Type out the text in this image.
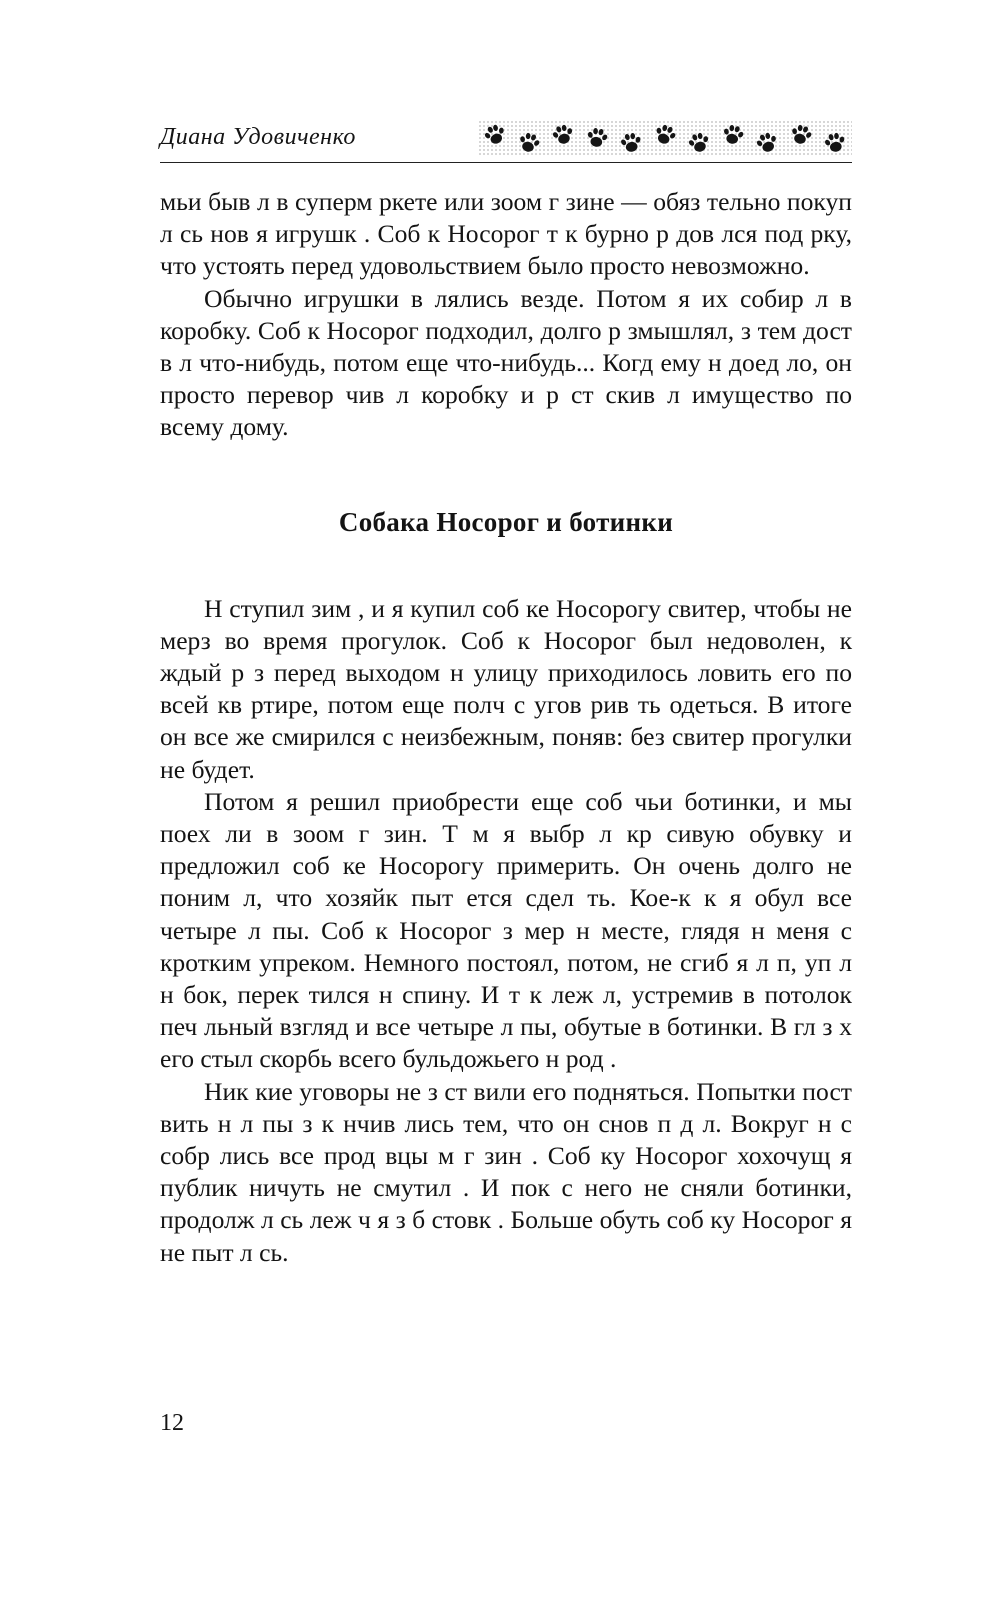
Диана Удовиченко

мьи быв л в суперм ркете или зоом г зине — обяз тельно покуп л сь нов я игрушк . Соб к Носорог т к бурно р дов лся под рку, что устоять перед удовольствием было просто невозможно.

Обычно игрушки в лялись везде. Потом я их собир л в коробку. Соб к Носорог подходил, долго р змышлял, з тем дост в л что-нибудь, потом еще что-нибудь... Когд ему н доед ло, он просто перевор чив л коробку и р ст скив л имущество по всему дому.

Собака Носорог и ботинки

Н ступил зим , и я купил соб ке Носорогу свитер, чтобы не мерз во время прогулок. Соб к Носорог был недоволен, к ждый р з перед выходом н улицу приходилось ловить его по всей кв ртире, потом еще полч с угов рив ть одеться. В итоге он все же смирился с неизбежным, поняв: без свитер прогулки не будет.

Потом я решил приобрести еще соб чьи ботинки, и мы поех ли в зоом г зин. Т м я выбр л кр сивую обувку и предложил соб ке Носорогу примерить. Он очень долго не поним л, что хозяйк пыт ется сдел ть. Кое-к к я обул все четыре л пы. Соб к Носорог з мер н месте, глядя н меня с кротким упреком. Немного постоял, потом, не сгиб я л п, уп л н бок, перек тился н спину. И т к леж л, устремив в потолок печ льный взгляд и все четыре л пы, обутые в ботинки. В гл з х его стыл скорбь всего бульдожьего н род .

Ник кие уговоры не з ст вили его подняться. Попытки пост вить н л пы з к нчив лись тем, что он снов п д л. Вокруг н с собр лись все прод вцы м г зин . Соб ку Носорог хохочущ я публик ничуть не смутил . И пок с него не сняли ботинки, продолж л сь леж ч я з б стовк . Больше обуть соб ку Носорог я не пыт л сь.

12
